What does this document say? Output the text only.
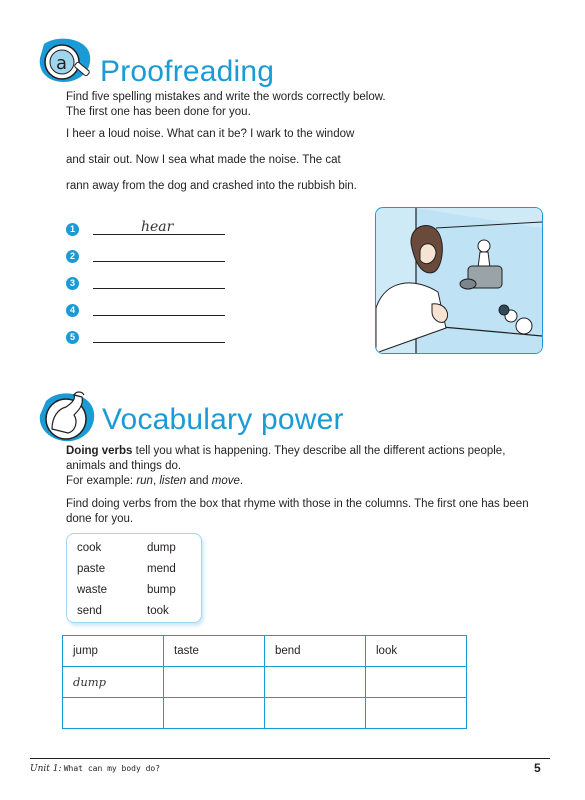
a Proofreading
Find five spelling mistakes and write the words correctly below.
The first one has been done for you.
I heer a loud noise. What can it be? I wark to the window
and stair out. Now I sea what made the noise. The cat
rann away from the dog and crashed into the rubbish bin.
1	hear
2
3
4
5
Vocabulary power
Doing verbs tell you what is happening. They describe all the different actions people,
animals and things do.
For example: run, listen and move.
Find doing verbs from the box that rhyme with those in the columns. The first one has been
done for you.
cook	dump
paste	mend
waste	bump
send	took
jump	taste	bend	look
dump			

Unit 1: What can my body do?	5
